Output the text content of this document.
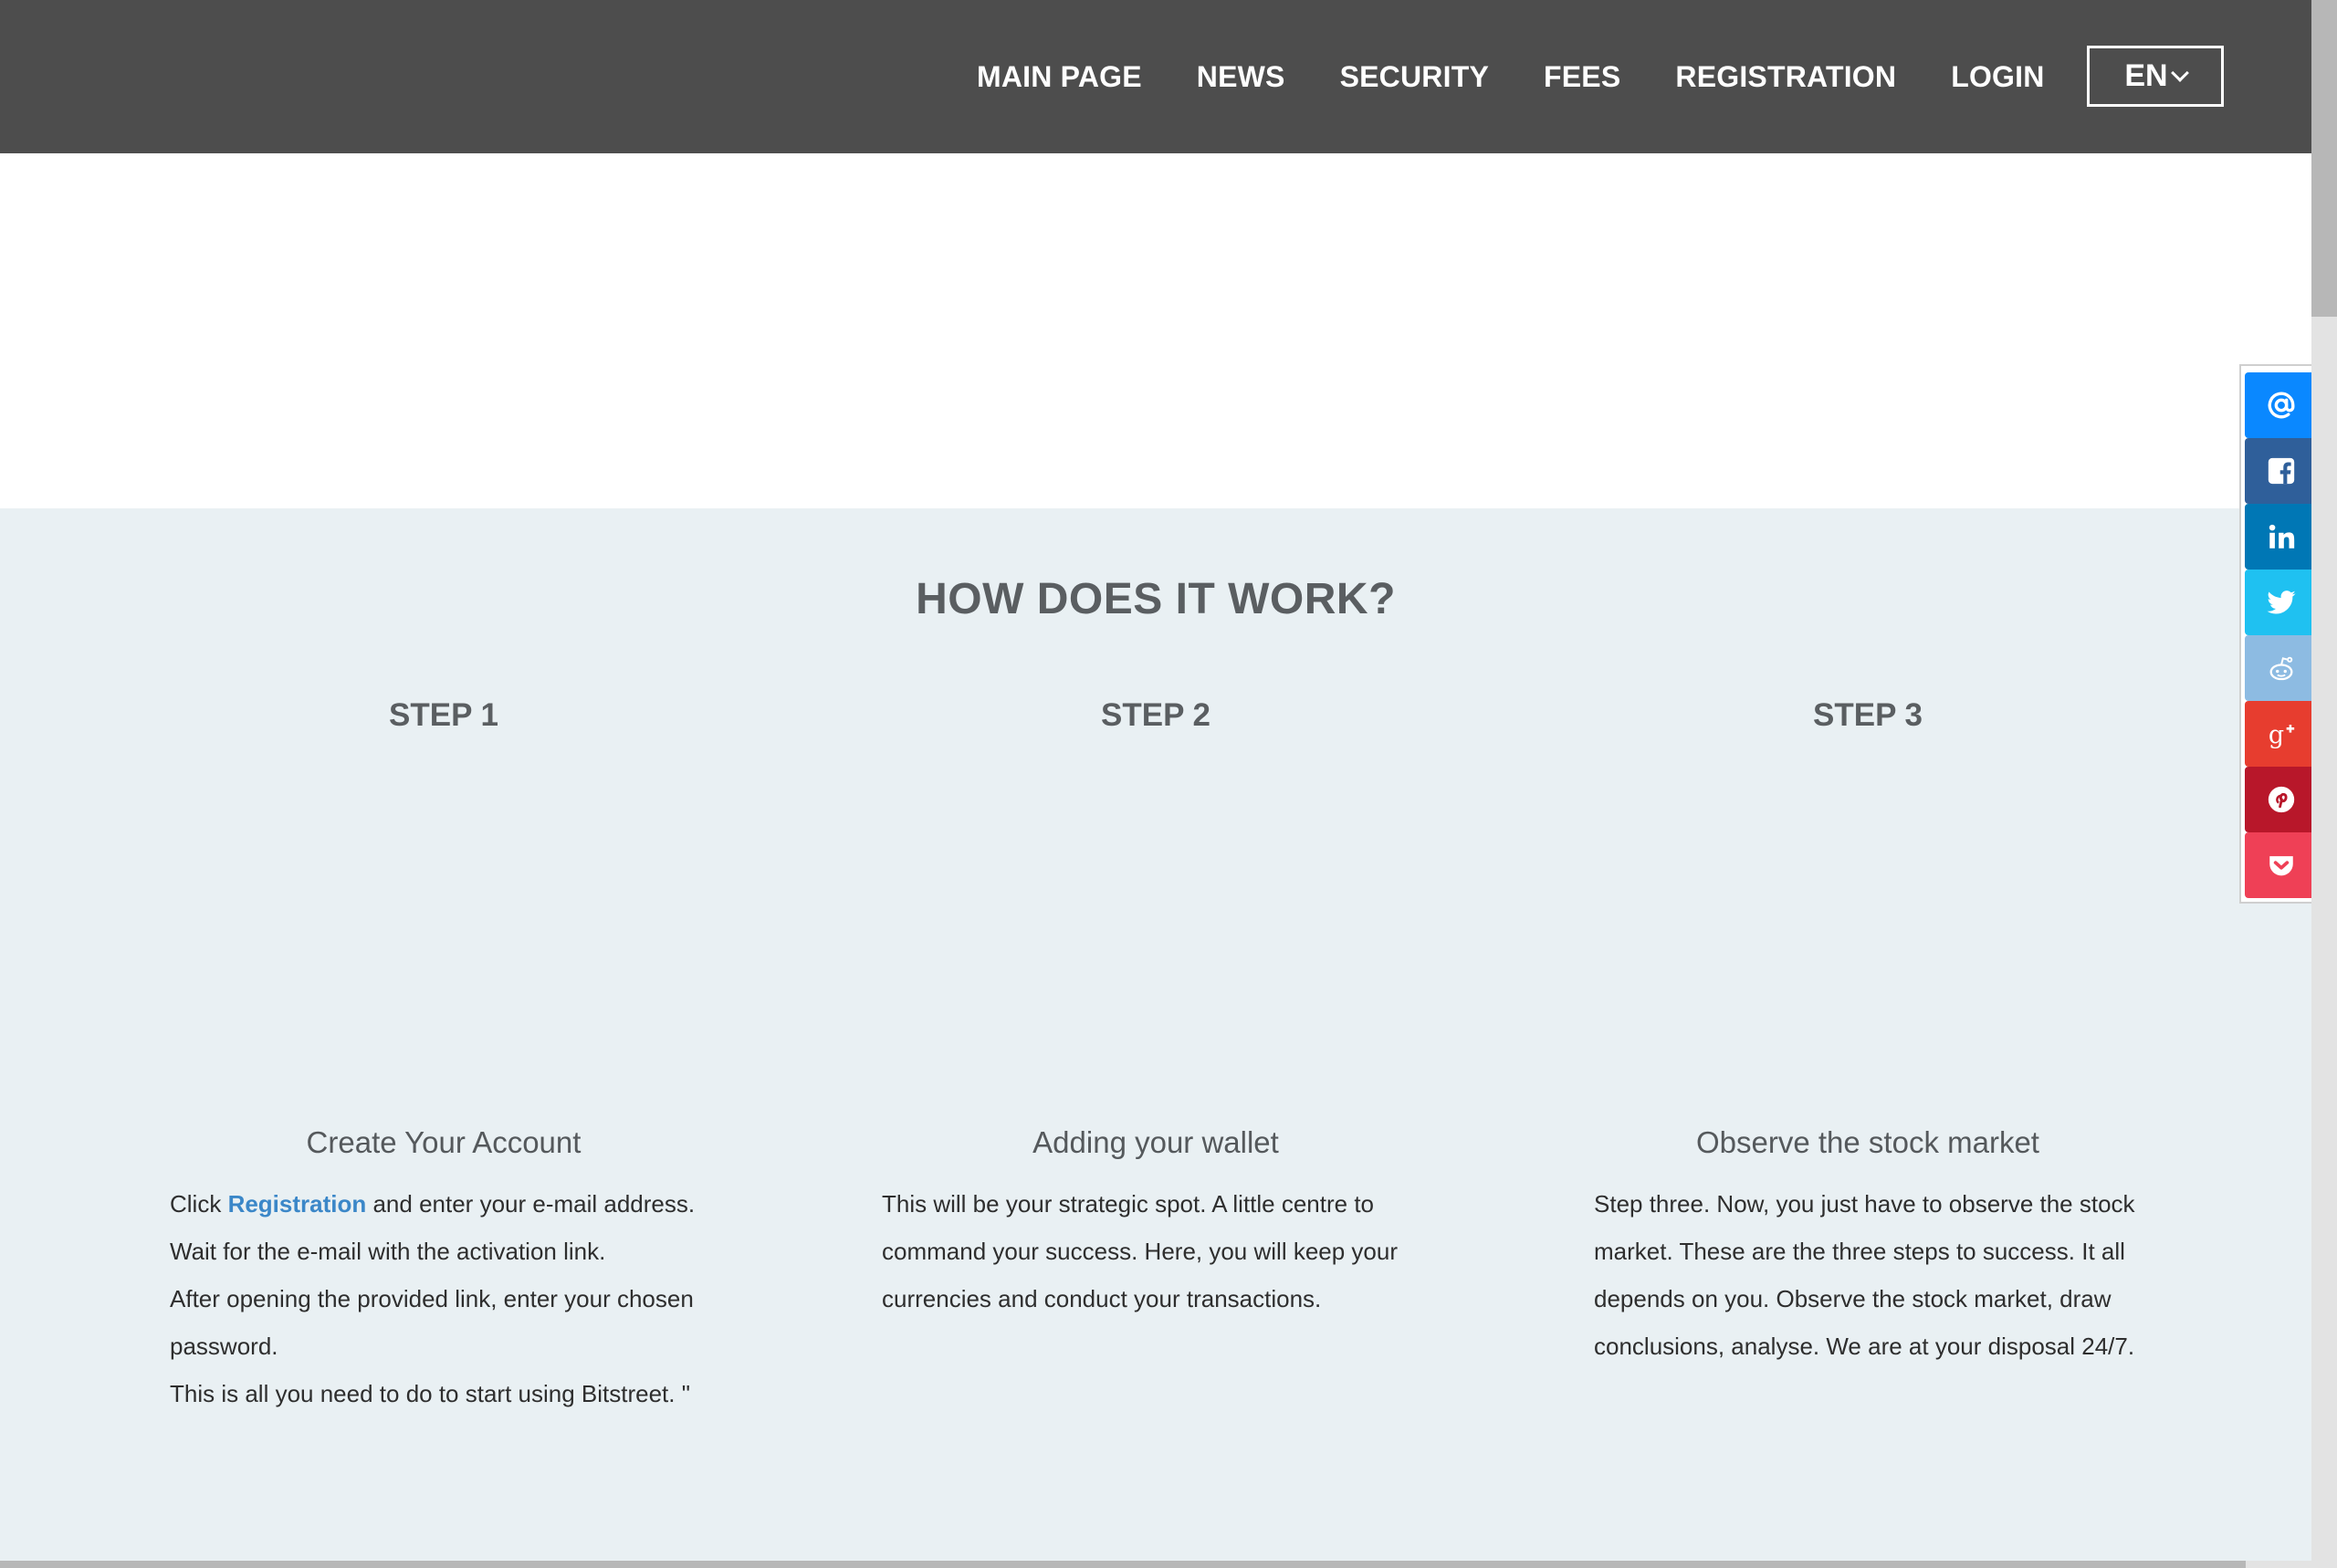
MAIN PAGE NEWS SECURITY FEES REGISTRATION LOGIN	EN
HOW DOES IT WORK?
STEP 1
Create Your Account

Click Registration and enter your e-mail address.

Wait for the e-mail with the activation link.

After opening the provided link, enter your chosen password.

This is all you need to do to start using Bitstreet. "

STEP 2
Adding your wallet
This will be your strategic spot. A little centre to command your success. Here, you will keep your currencies and conduct your transactions.
STEP 3
Observe the stock market
Step three. Now, you just have to observe the stock market. These are the three steps to success. It all depends on you. Observe the stock market, draw conclusions, analyse. We are at your disposal 24/7.
g
